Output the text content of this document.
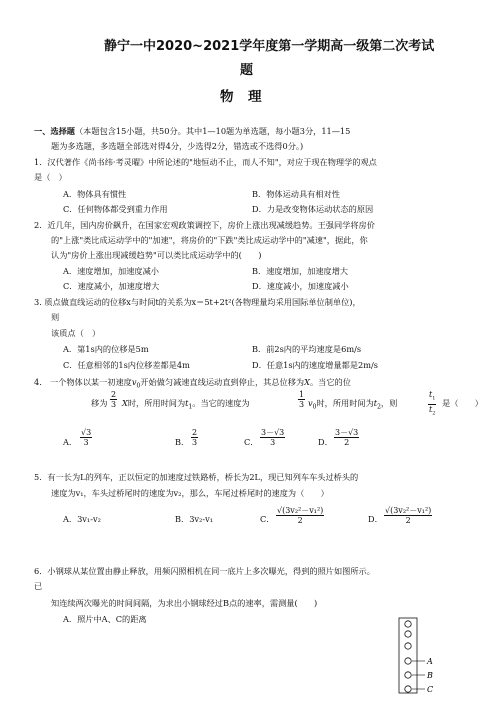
静宁一中2020~2021学年度第一学期高一级第二次考试
题
物　理
一、选择题（本题包含15小题，共50分。其中1—10题为单选题，每小题3分，11—15
题为多选题，多选题全部选对得4分，少选得2分，错选或不选得0分。)
1．汉代著作《尚书纬·考灵曜》中所论述的"地恒动不止，而人不知"，对应于现在物理学的观点
是（　）
A．物体具有惯性	B．物体运动具有相对性
C．任何物体都受到重力作用	D．力是改变物体运动状态的原因
2．近几年，国内房价飙升，在国家宏观政策调控下，房价上涨出现减缓趋势。王强同学将房价
的"上涨"类比成运动学中的"加速"，将房价的"下跌"类比成运动学中的"减速"，据此，你
认为"房价上涨出现减缓趋势"可以类比成运动学中的(　　)
A．速度增加，加速度减小	B．速度增加，加速度增大
C．速度减小，加速度增大	D．速度减小，加速度减小
3. 质点做直线运动的位移x与时间t的关系为x＝5t+2t²(各物理量均采用国际单位制单位)，
则
该质点（　）
A．第1s内的位移是5m	B．前2s内的平均速度是6m/s
C．任意相邻的1s内位移差都是4m	D．任意1s内的速度增量都是2m/s
4.　一个物体以某一初速度$v_0$开始做匀减速直线运动直到停止，其总位移为X。当它的位
移为 $\frac{2}{3}$ X时，所用时间为$t_1$。当它的速度为	$\frac{1}{3} v_0$时，所用时间为$t_2$，则	$\frac{t_1}{t_2}$ 是（　　）
A． $\frac{√3}{3}$	B． $\frac{2}{3}$	C． $\frac{3-√3}{3}$	D． $\frac{3-√3}{2}$
5．有一长为L的列车，正以恒定的加速度过铁路桥，桥长为2L，现已知列车车头过桥头的
速度为v₁，车头过桥尾时的速度为v₂，那么，车尾过桥尾时的速度为（　　）
A．3v₁-v₂	B．3v₂-v₁	C． $\frac{\text{√(3v₂²－v₁²)}}{2}$	D． $\frac{\text{√(3v₂²－v₁²)}}{2}$
6．小钢球从某位置由静止释放，用频闪照相机在同一底片上多次曝光，得到的照片如图所示。
已
知连续两次曝光的时间间隔，为求出小钢球经过B点的速率，需测量(　　)
A．照片中A、C的距离
A
B
C
